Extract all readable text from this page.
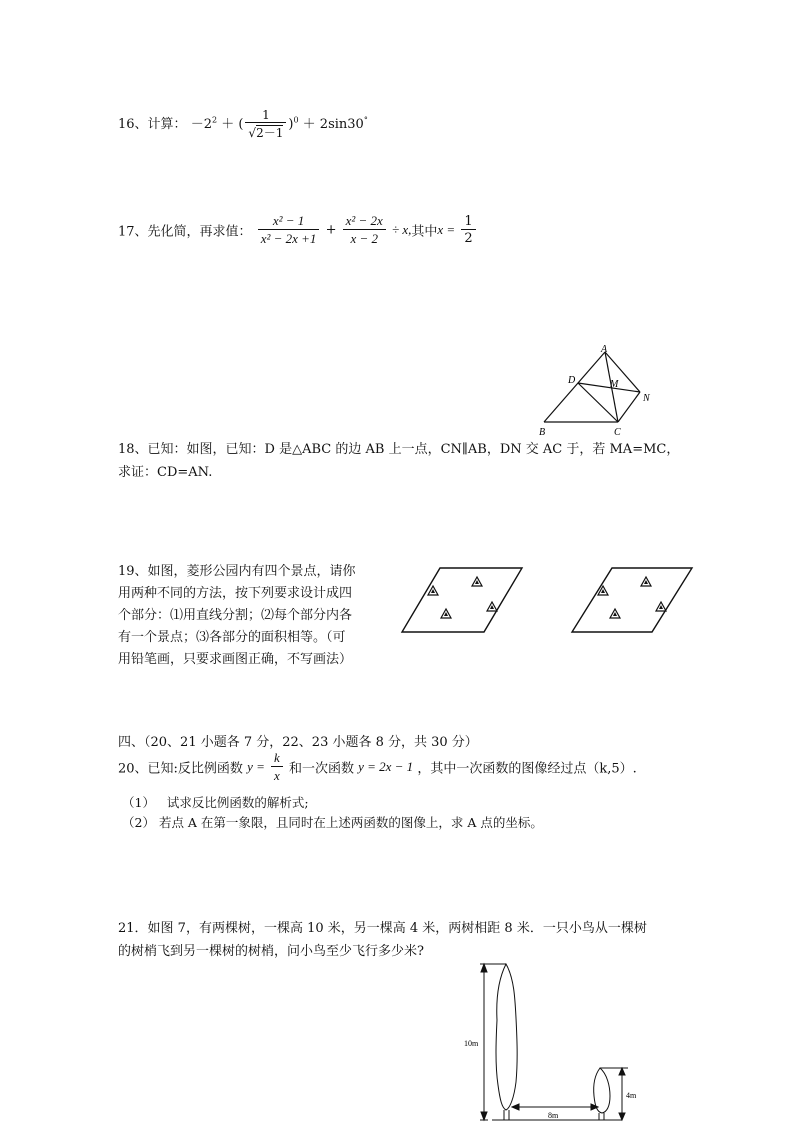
16、计算： $-2^2$ ＋ ( $\frac{1}{√2-1} )^0 + 2\sin 30^\circ$
17、先化简，再求值： $\frac{\text{x² − 1}}{\text{x² − 2x +1}} + \frac{\text{x² − 2x}}{x - 2} \div x$,其中$x = \frac{1}{2}$
A
D	M
N
B	C
18、已知：如图，已知：D 是△ABC 的边 AB 上一点，CN∥AB，DN 交 AC 于，若 MA=MC，
求证：CD=AN.
19、如图，菱形公园内有四个景点，请你
用两种不同的方法，按下列要求设计成四
个部分：⑴用直线分割；⑵每个部分内各
有一个景点；⑶各部分的面积相等。（可
用铅笔画，只要求画图正确，不写画法）
四、（20、21 小题各 7 分，22、23 小题各 8 分，共 30 分）
20、已知:反比例函数 $y = \frac{k}{x}$ 和一次函数 y = 2x − 1 ，其中一次函数的图像经过点（k,5）.
（1） 试求反比例函数的解析式;
（2） 若点 A 在第一象限，且同时在上述两函数的图像上，求 A 点的坐标。
21．如图 7，有两棵树，一棵高 10 米，另一棵高 4 米，两树相距 8 米．一只小鸟从一棵树
的树梢飞到另一棵树的树梢，问小鸟至少飞行多少米?
10m
4m
8m
